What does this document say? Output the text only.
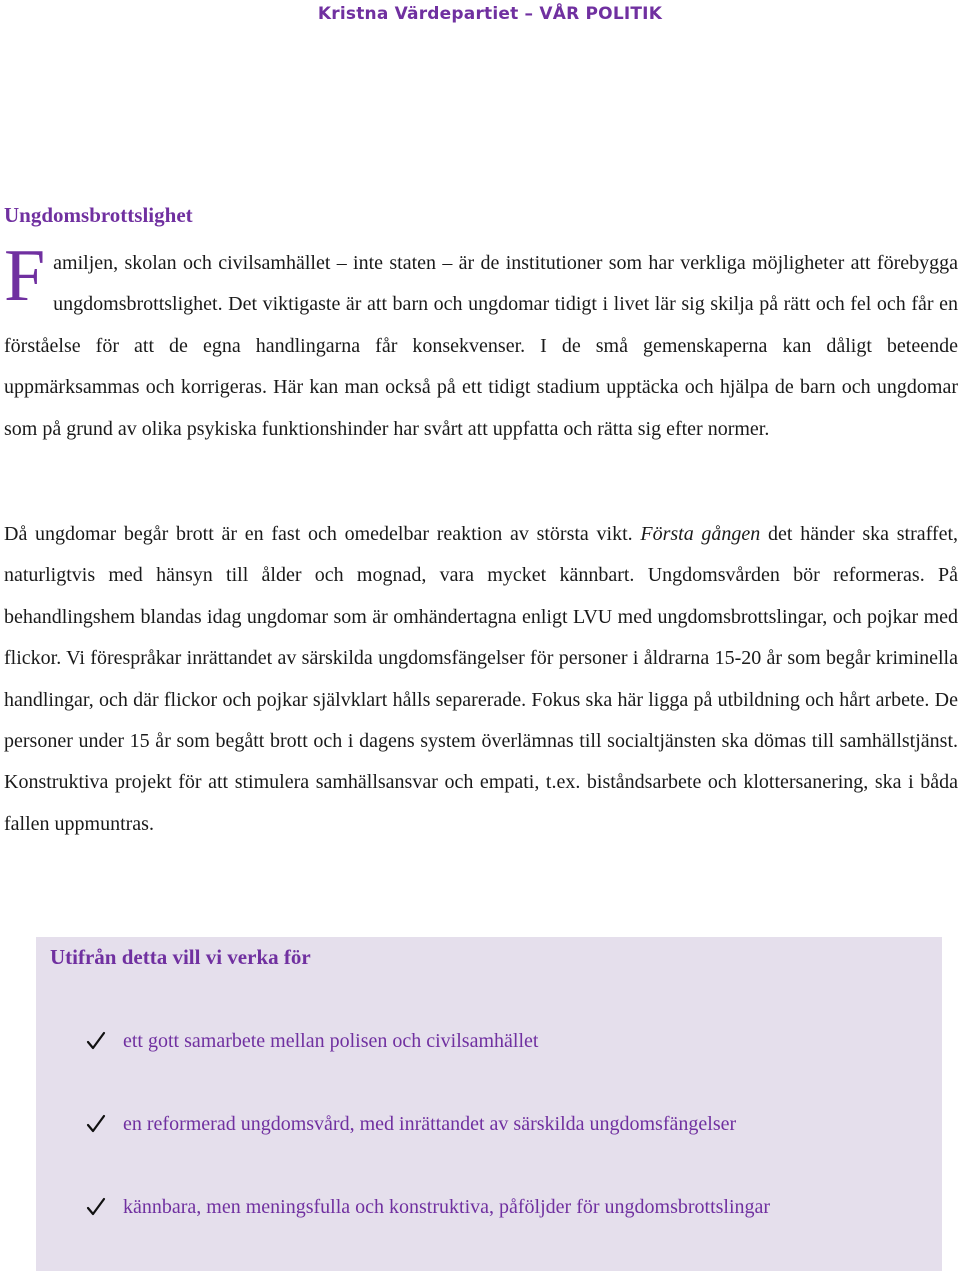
Kristna Värdepartiet – VÅR POLITIK
Ungdomsbrottslighet

Familjen, skolan och civilsamhället – inte staten – är de institutioner som har verkliga möjligheter att förebygga ungdomsbrottslighet. Det viktigaste är att barn och ungdomar tidigt i livet lär sig skilja på rätt och fel och får en förståelse för att de egna handlingarna får konsekvenser. I de små gemenskaperna kan dåligt beteende uppmärksammas och korrigeras. Här kan man också på ett tidigt stadium upptäcka och hjälpa de barn och ungdomar som på grund av olika psykiska funktionshinder har svårt att uppfatta och rätta sig efter normer.

Då ungdomar begår brott är en fast och omedelbar reaktion av största vikt. Första gången det händer ska straffet, naturligtvis med hänsyn till ålder och mognad, vara mycket kännbart. Ungdomsvården bör reformeras. På behandlingshem blandas idag ungdomar som är omhändertagna enligt LVU med ungdomsbrottslingar, och pojkar med flickor. Vi förespråkar inrättandet av särskilda ungdomsfängelser för personer i åldrarna 15-20 år som begår kriminella handlingar, och där flickor och pojkar självklart hålls separerade. Fokus ska här ligga på utbildning och hårt arbete. De personer under 15 år som begått brott och i dagens system överlämnas till socialtjänsten ska dömas till samhällstjänst. Konstruktiva projekt för att stimulera samhällsansvar och empati, t.ex. biståndsarbete och klottersanering, ska i båda fallen uppmuntras.

Utifrån detta vill vi verka för
ett gott samarbete mellan polisen och civilsamhället
en reformerad ungdomsvård, med inrättandet av särskilda ungdomsfängelser
kännbara, men meningsfulla och konstruktiva, påföljder för ungdomsbrottslingar
